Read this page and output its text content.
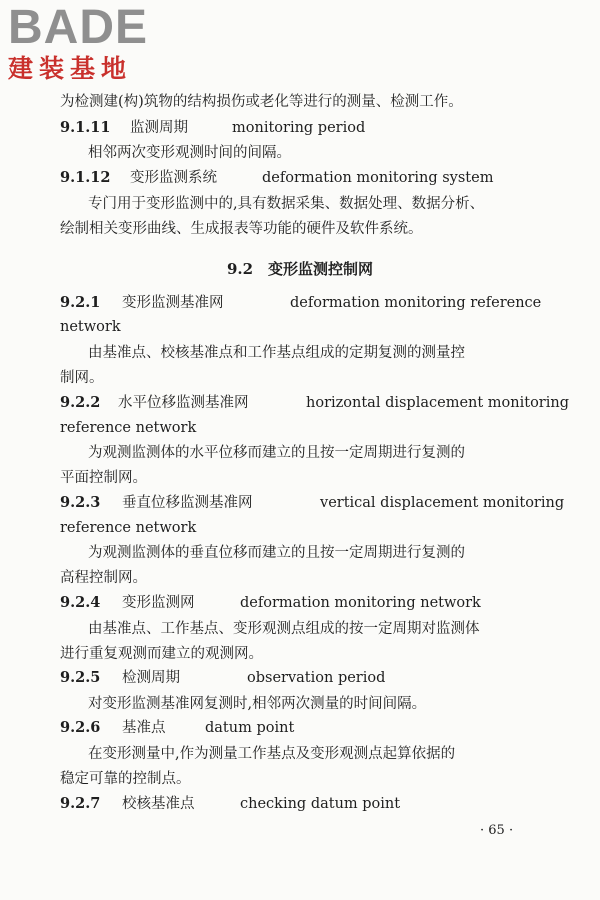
BADE
建装基地
为检测建(构)筑物的结构损伤或老化等进行的测量、检测工作。
9.1.11 监测周期	monitoring period
相邻两次变形观测时间的间隔。
9.1.12 变形监测系统	deformation monitoring system
专门用于变形监测中的,具有数据采集、数据处理、数据分析、
绘制相关变形曲线、生成报表等功能的硬件及软件系统。
9.2　变形监测控制网
9.2.1 变形监测基准网	deformation monitoring reference
network
由基准点、校核基准点和工作基点组成的定期复测的测量控
制网。
9.2.2 水平位移监测基准网	horizontal displacement monitoring
reference network
为观测监测体的水平位移而建立的且按一定周期进行复测的
平面控制网。
9.2.3 垂直位移监测基准网	vertical displacement monitoring
reference network
为观测监测体的垂直位移而建立的且按一定周期进行复测的
高程控制网。
9.2.4 变形监测网	deformation monitoring network
由基准点、工作基点、变形观测点组成的按一定周期对监测体
进行重复观测而建立的观测网。
9.2.5 检测周期	observation period
对变形监测基准网复测时,相邻两次测量的时间间隔。
9.2.6 基准点	datum point
在变形测量中,作为测量工作基点及变形观测点起算依据的
稳定可靠的控制点。
9.2.7 校核基准点	checking datum point
· 65 ·
